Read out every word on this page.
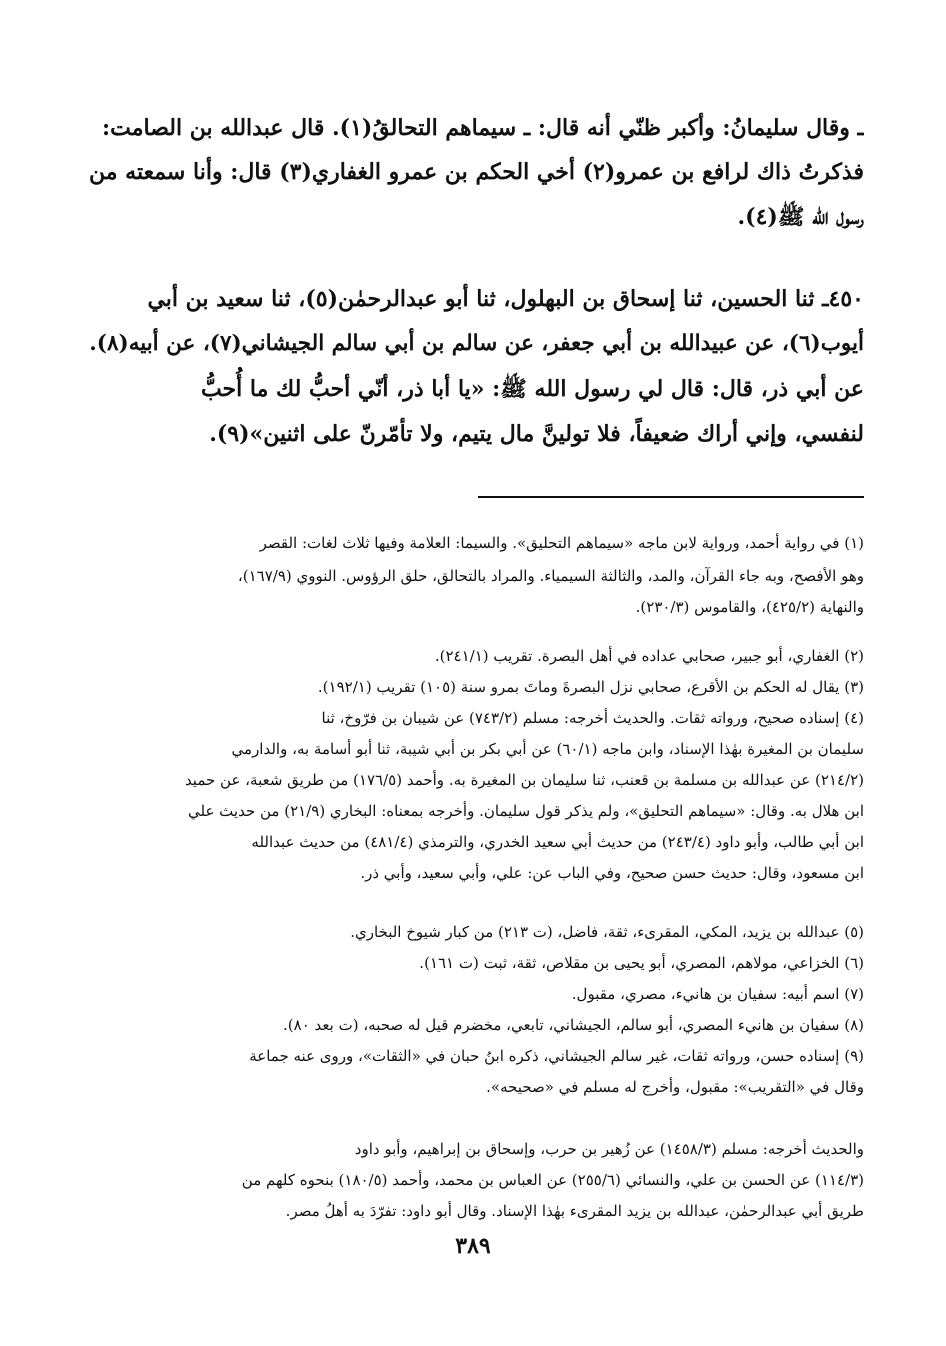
ـ وقال سليمانُ: وأكبر ظنّي أنه قال: ـ سيماهم التحالقُ(١). قال عبدالله بن الصامت:
فذكرتُ ذاك لرافع بن عمرو(٢) أخي الحكم بن عمرو الغفاري(٣) قال: وأنا سمعته من
رسول الله ﷺ(٤).
٤٥٠ـ ثنا الحسين، ثنا إسحاق بن البهلول، ثنا أبو عبدالرحمٰن(٥)، ثنا سعيد بن أبي
أيوب(٦)، عن عبيدالله بن أبي جعفر، عن سالم بن أبي سالم الجيشاني(٧)، عن أبيه(٨).
عن أبي ذر، قال: قال لي رسول الله ﷺ: «يا أبا ذر، أنّي أحبُّ لك ما أُحبُّ
لنفسي، وإني أراك ضعيفاً، فلا تولينَّ مال يتيم، ولا تأمّرنّ على اثنين»(٩).
(١) في رواية أحمد، ورواية لابن ماجه «سيماهم التحليق». والسيما: العلامة وفيها ثلاث لغات: القصر
وهو الأفصح، وبه جاء القرآن، والمد، والثالثة السيمياء. والمراد بالتحالق، حلق الرؤوس. النووي (١٦٧/٩)،
والنهاية (٤٢٥/٢)، والقاموس (٢٣٠/٣).
(٢) الغفاري، أبو جبير، صحابي عداده في أهل البصرة. تقريب (٢٤١/١).
(٣) يقال له الحكم بن الأقرع، صحابي نزل البصرةَ وماتَ بمرو سنة (١٠٥) تقريب (١٩٢/١).
(٤) إسناده صحيح، ورواته ثقات. والحديث أخرجه: مسلم (٧٤٣/٢) عن شيبان بن فرّوخ، ثنا
سليمان بن المغيرة بهٰذا الإسناد، وابن ماجه (٦٠/١) عن أبي بكر بن أبي شيبة، ثنا أبو أسامة به، والدارمي
(٢١٤/٢) عن عبدالله بن مسلمة بن قعنب، ثنا سليمان بن المغيرة به. وأحمد (١٧٦/٥) من طريق شعبة، عن حميد
ابن هلال به. وقال: «سيماهم التحليق»، ولم يذكر قول سليمان. وأخرجه بمعناه: البخاري (٢١/٩) من حديث علي
ابن أبي طالب، وأبو داود (٢٤٣/٤) من حديث أبي سعيد الخدري، والترمذي (٤٨١/٤) من حديث عبدالله
ابن مسعود، وقال: حديث حسن صحيح، وفي الباب عن: علي، وأبي سعيد، وأبي ذر.
(٥) عبدالله بن يزيد، المكي، المقرىء، ثقة، فاضل، (ت ٢١٣) من كبار شيوخ البخاري.
(٦) الخزاعي، مولاهم، المصري، أبو يحيى بن مقلاص، ثقة، ثبت (ت ١٦١).
(٧) اسم أبيه: سفيان بن هانيء، مصري، مقبول.
(٨) سفيان بن هانيء المصري، أبو سالم، الجيشاني، تابعي، مخضرم قيل له صحبه، (ت بعد ٨٠).
(٩) إسناده حسن، ورواته ثقات، غير سالم الجيشاني، ذكره ابنُ حبان في «الثقات»، وروى عنه جماعة
وقال في «التقريب»: مقبول، وأخرج له مسلم في «صحيحه».
والحديث أخرجه: مسلم (١٤٥٨/٣) عن زُهير بن حرب، وإسحاق بن إبراهيم، وأبو داود
(١١٤/٣) عن الحسن بن علي، والنسائي (٢٥٥/٦) عن العباس بن محمد، وأحمد (١٨٠/٥) بنحوه كلهم من
طريق أبي عبدالرحمٰن، عبدالله بن يزيد المقرىء بهٰذا الإسناد. وقال أبو داود: تفرّدَ به أهلُ مصر.
٣٨٩
